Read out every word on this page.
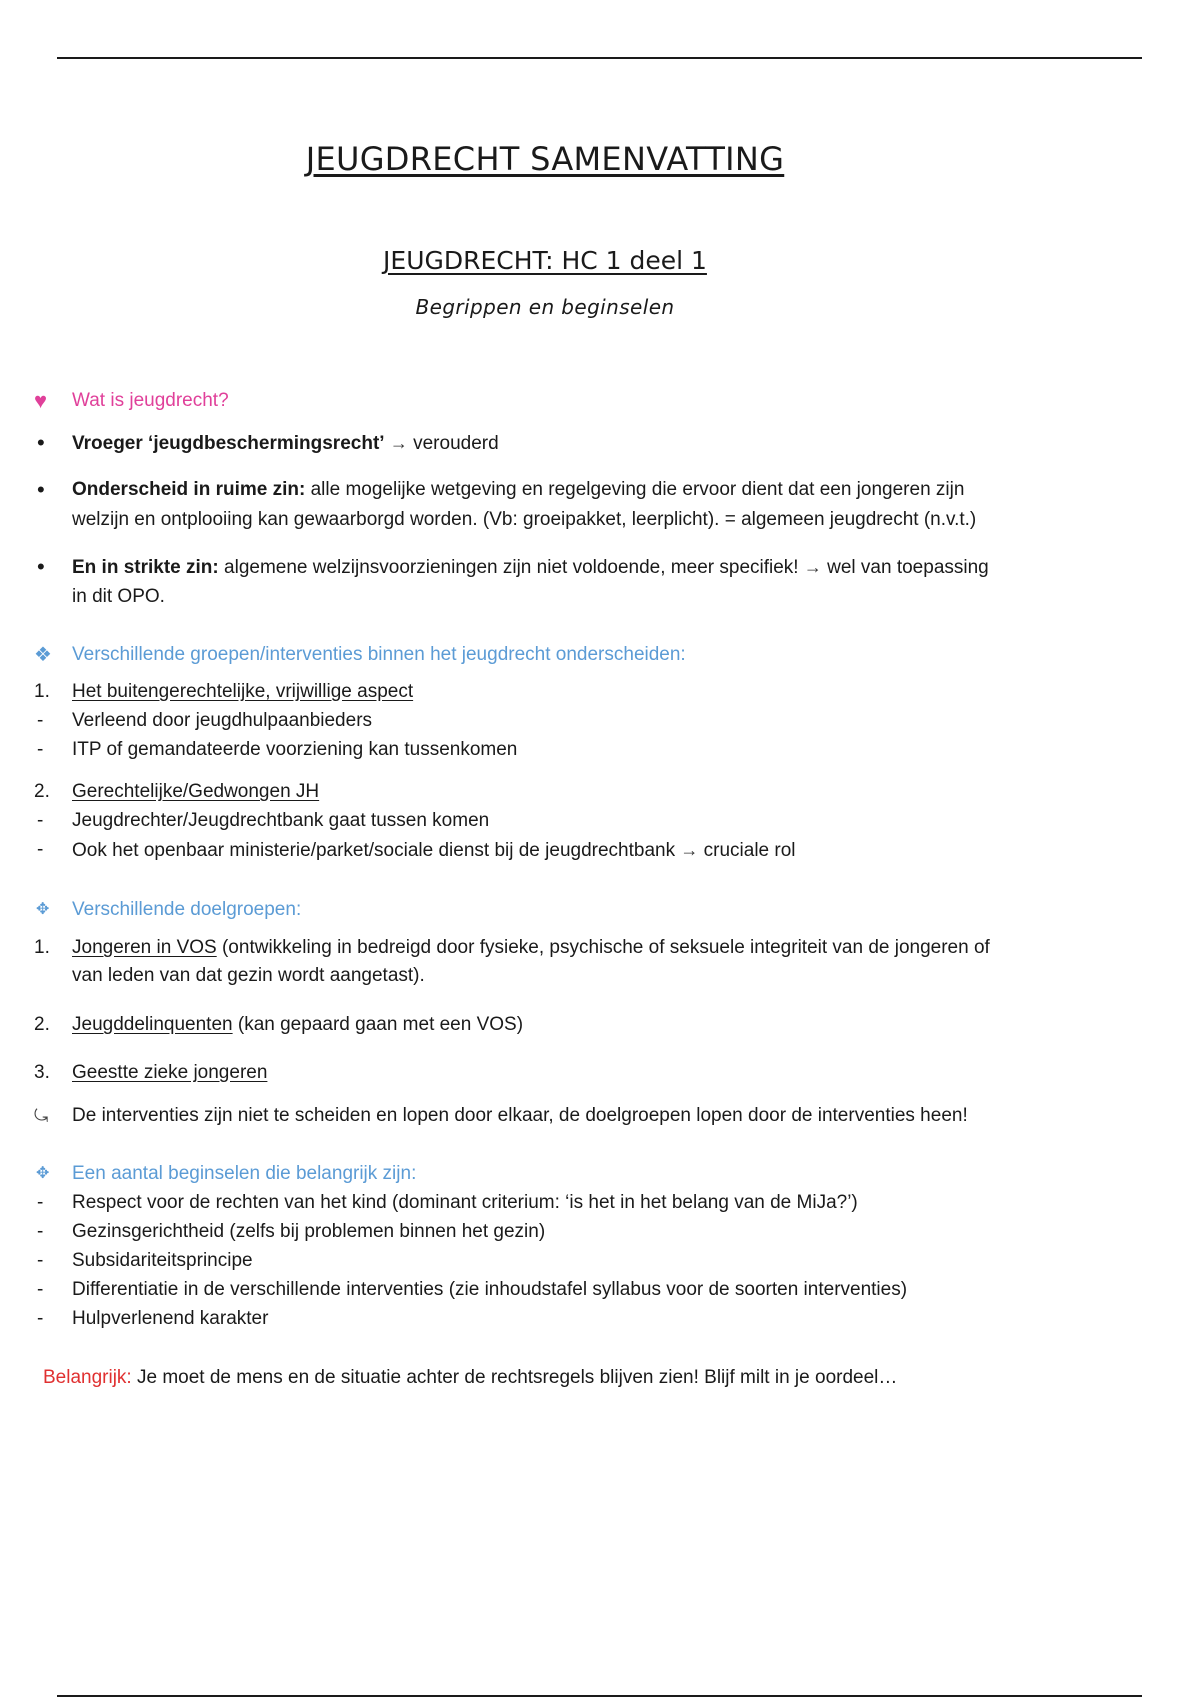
JEUGDRECHT SAMENVATTING
JEUGDRECHT: HC 1 deel 1
Begrippen en beginselen
♥	Wat is jeugdrecht?
•	Vroeger ‘jeugdbeschermingsrecht’ → verouderd
•	Onderscheid in ruime zin: alle mogelijke wetgeving en regelgeving die ervoor dient dat een jongeren zijn
welzijn en ontplooiing kan gewaarborgd worden. (Vb: groeipakket, leerplicht). = algemeen jeugdrecht (n.v.t.)
•	En in strikte zin: algemene welzijnsvoorzieningen zijn niet voldoende, meer specifiek! → wel van toepassing
in dit OPO.
❖	Verschillende groepen/interventies binnen het jeugdrecht onderscheiden:
1.	Het buitengerechtelijke, vrijwillige aspect
-	Verleend door jeugdhulpaanbieders
-	ITP of gemandateerde voorziening kan tussenkomen
2.	Gerechtelijke/Gedwongen JH
-	Jeugdrechter/Jeugdrechtbank gaat tussen komen
-	Ook het openbaar ministerie/parket/sociale dienst bij de jeugdrechtbank → cruciale rol
✥	Verschillende doelgroepen:
1.	Jongeren in VOS (ontwikkeling in bedreigd door fysieke, psychische of seksuele integriteit van de jongeren of
van leden van dat gezin wordt aangetast).
2.	Jeugddelinquenten (kan gepaard gaan met een VOS)
3.	Geestte zieke jongeren
⤿	De interventies zijn niet te scheiden en lopen door elkaar, de doelgroepen lopen door de interventies heen!
✥	Een aantal beginselen die belangrijk zijn:
-	Respect voor de rechten van het kind (dominant criterium: ‘is het in het belang van de MiJa?’)
-	Gezinsgerichtheid (zelfs bij problemen binnen het gezin)
-	Subsidariteitsprincipe
-	Differentiatie in de verschillende interventies (zie inhoudstafel syllabus voor de soorten interventies)
-	Hulpverlenend karakter
Belangrijk: Je moet de mens en de situatie achter de rechtsregels blijven zien! Blijf milt in je oordeel…
